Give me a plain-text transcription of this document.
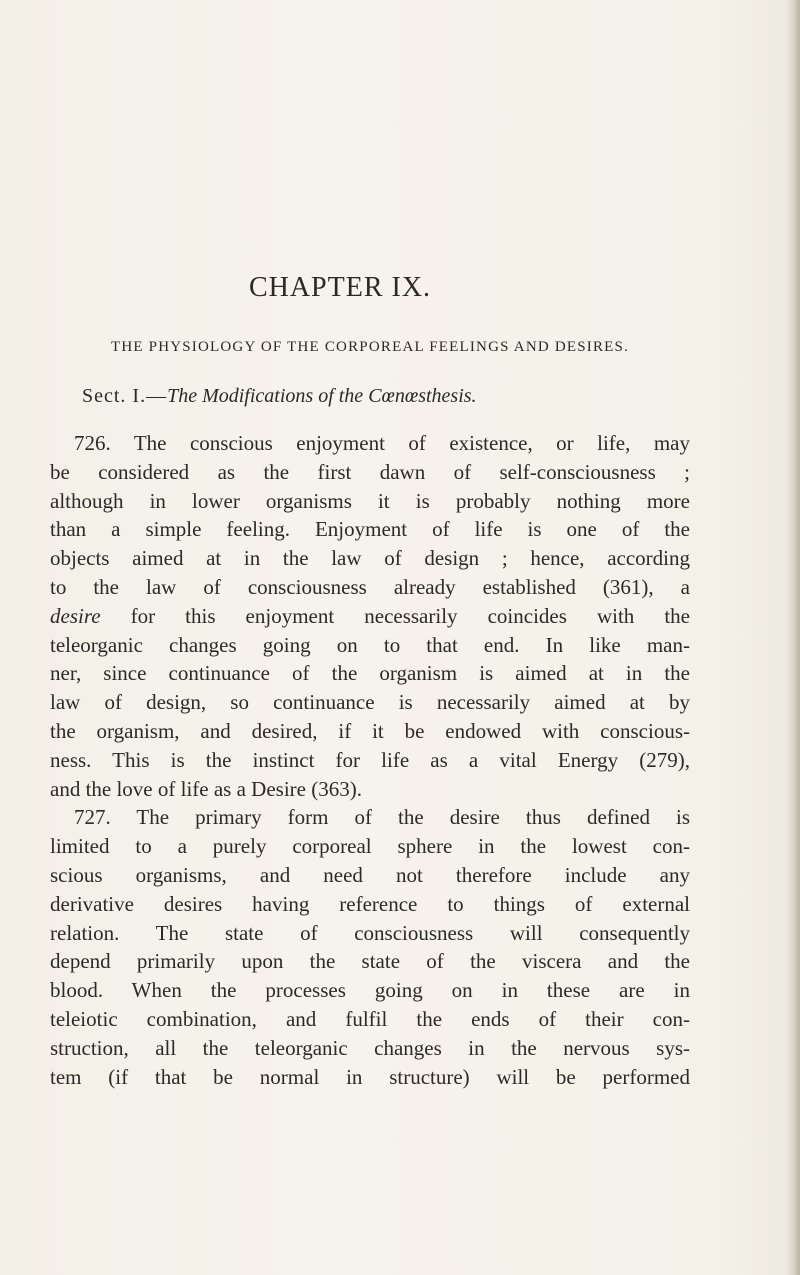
CHAPTER IX.
THE PHYSIOLOGY OF THE CORPOREAL FEELINGS AND DESIRES.
Sect. I.—The Modifications of the Cœnœsthesis.
726. The conscious enjoyment of existence, or life, may
be considered as the first dawn of self-consciousness ;
although in lower organisms it is probably nothing more
than a simple feeling. Enjoyment of life is one of the
objects aimed at in the law of design ; hence, according
to the law of consciousness already established (361), a
desire for this enjoyment necessarily coincides with the
teleorganic changes going on to that end. In like man-
ner, since continuance of the organism is aimed at in the
law of design, so continuance is necessarily aimed at by
the organism, and desired, if it be endowed with conscious-
ness. This is the instinct for life as a vital Energy (279),
and the love of life as a Desire (363).
727. The primary form of the desire thus defined is
limited to a purely corporeal sphere in the lowest con-
scious organisms, and need not therefore include any
derivative desires having reference to things of external
relation. The state of consciousness will consequently
depend primarily upon the state of the viscera and the
blood. When the processes going on in these are in
teleiotic combination, and fulfil the ends of their con-
struction, all the teleorganic changes in the nervous sys-
tem (if that be normal in structure) will be performed
